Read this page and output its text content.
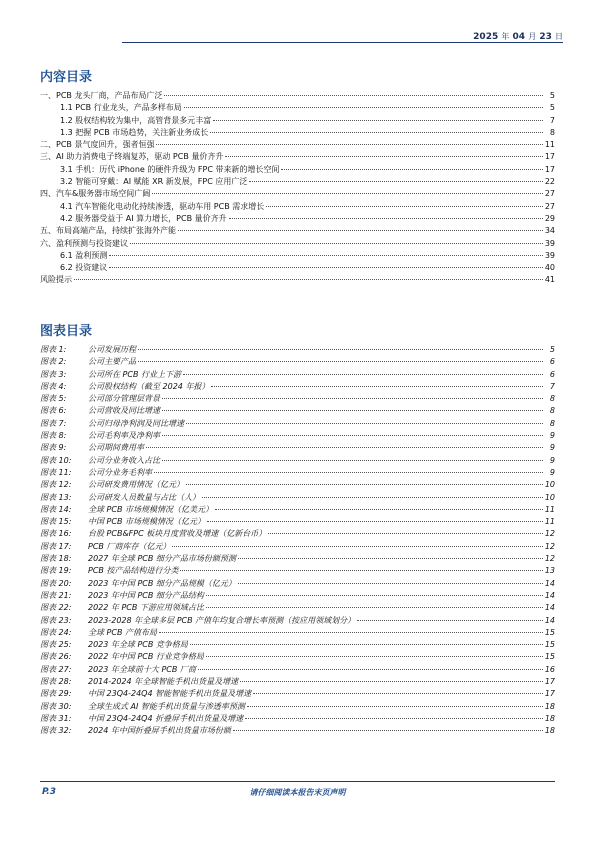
2025 年 04 月 23 日
内容目录
一、PCB 龙头厂商，产品布局广泛	5
1.1 PCB 行业龙头，产品多样布局	5
1.2 股权结构较为集中，高管背景多元丰富	7
1.3 把握 PCB 市场趋势，关注新业务成长	8
二、PCB 景气度回升，强者恒强	11
三、AI 助力消费电子终端复苏，驱动 PCB 量价齐升	17
3.1 手机：历代 iPhone 的硬件升级为 FPC 带来新的增长空间	17
3.2 智能可穿戴：AI 赋能 XR 新发展，FPC 应用广泛	22
四、汽车&服务器市场空间广阔	27
4.1 汽车智能化电动化持续渗透，驱动车用 PCB 需求增长	27
4.2 服务器受益于 AI 算力增长，PCB 量价齐升	29
五、布局高端产品，持续扩张海外产能	34
六、盈利预测与投资建议	39
6.1 盈利预测	39
6.2 投资建议	40
风险提示	41
图表目录
图表 1:	公司发展历程	5
图表 2:	公司主要产品	6
图表 3:	公司所在 PCB 行业上下游	6
图表 4:	公司股权结构（截至 2024 年报）	7
图表 5:	公司部分管理层背景	8
图表 6:	公司营收及同比增速	8
图表 7:	公司归母净利润及同比增速	8
图表 8:	公司毛利率及净利率	9
图表 9:	公司期间费用率	9
图表 10:	公司分业务收入占比	9
图表 11:	公司分业务毛利率	9
图表 12:	公司研发费用情况（亿元）	10
图表 13:	公司研发人员数量与占比（人）	10
图表 14:	全球 PCB 市场规模情况（亿美元）	11
图表 15:	中国 PCB 市场规模情况（亿元）	11
图表 16:	台股 PCB&FPC 板块月度营收及增速（亿新台币）	12
图表 17:	PCB 厂商库存（亿元）	12
图表 18:	2027 年全球 PCB 细分产品市场份额预测	12
图表 19:	PCB 按产品结构进行分类	13
图表 20:	2023 年中国 PCB 细分产品规模（亿元）	14
图表 21:	2023 年中国 PCB 细分产品结构	14
图表 22:	2022 年 PCB 下游应用领域占比	14
图表 23:	2023-2028 年全球多层 PCB 产值年均复合增长率预测（按应用领域划分）	14
图表 24:	全球 PCB 产值布局	15
图表 25:	2023 年全球 PCB 竞争格局	15
图表 26:	2022 年中国 PCB 行业竞争格局	15
图表 27:	2023 年全球前十大 PCB 厂商	16
图表 28:	2014-2024 年全球智能手机出货量及增速	17
图表 29:	中国 23Q4-24Q4 智能智能手机出货量及增速	17
图表 30:	全球生成式 AI 智能手机出货量与渗透率预测	18
图表 31:	中国 23Q4-24Q4 折叠屏手机出货量及增速	18
图表 32:	2024 年中国折叠屏手机出货量市场份额	18
P.3	请仔细阅读本报告末页声明
